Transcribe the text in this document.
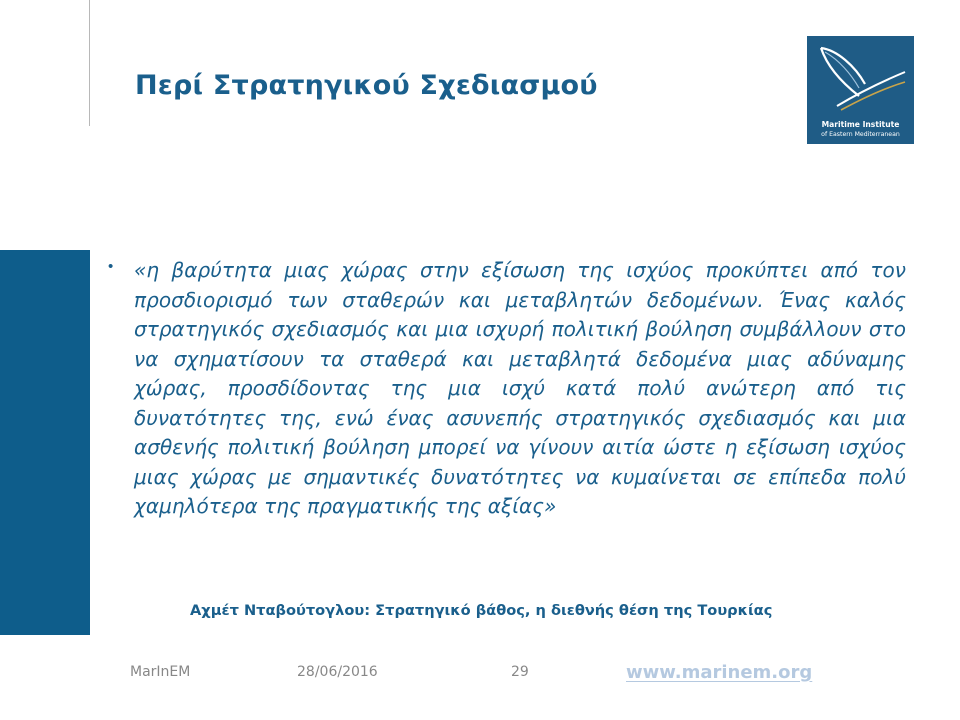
Περί Στρατηγικού Σχεδιασμού
Maritime Institute
of Eastern Mediterranean
• «η βαρύτητα μιας χώρας στην εξίσωση της ισχύος προκύπτει από τον προσδιορισμό των σταθερών και μεταβλητών δεδομένων. Ένας καλός στρατηγικός σχεδιασμός και μια ισχυρή πολιτική βούληση συμβάλλουν στο να σχηματίσουν τα σταθερά και μεταβλητά δεδομένα μιας αδύναμης χώρας, προσδίδοντας της μια ισχύ κατά πολύ ανώτερη από τις δυνατότητες της, ενώ ένας ασυνεπής στρατηγικός σχεδιασμός και μια ασθενής πολιτική βούληση μπορεί να γίνουν αιτία ώστε η εξίσωση ισχύος μιας χώρας με σημαντικές δυνατότητες να κυμαίνεται σε επίπεδα πολύ χαμηλότερα της πραγματικής της αξίας»
Αχμέτ Νταβούτογλου: Στρατηγικό βάθος, η διεθνής θέση της Τουρκίας
MarInEM	28/06/2016	29	www.marinem.org
